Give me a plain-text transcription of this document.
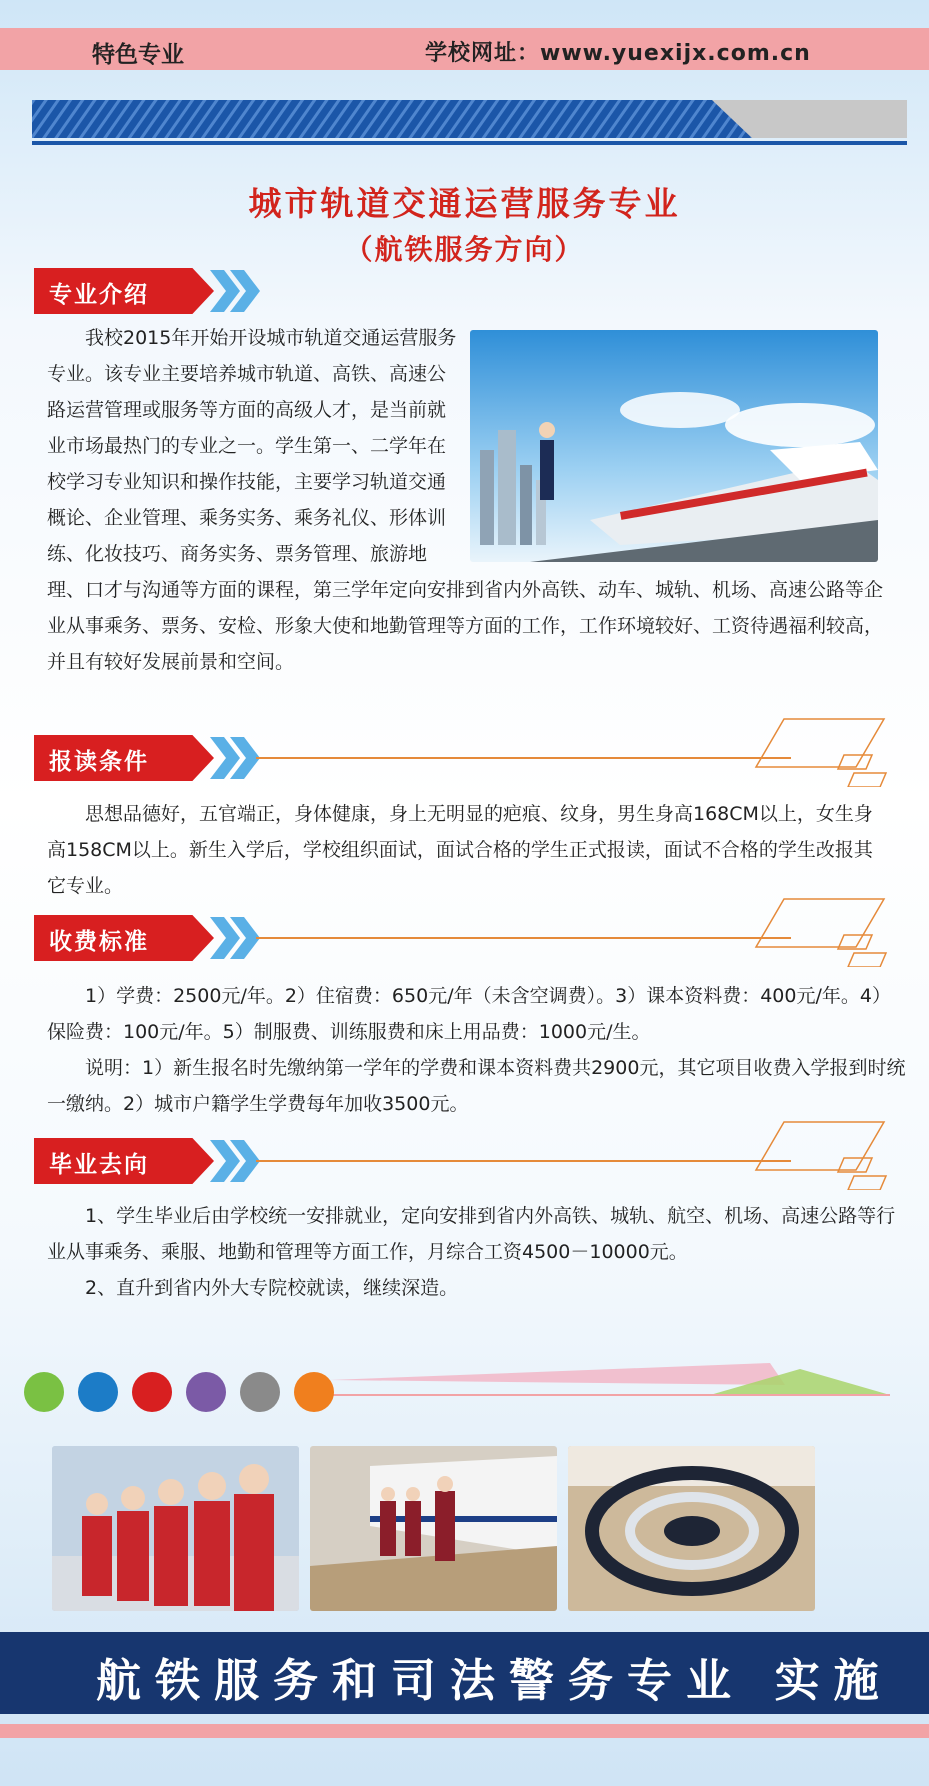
特色专业	学校网址：www.yuexijx.com.cn
城市轨道交通运营服务专业
（航铁服务方向）
专业介绍
我校2015年开始开设城市轨道交通运营服务专业。该专业主要培养城市轨道、高铁、高速公路运营管理或服务等方面的高级人才，是当前就业市场最热门的专业之一。学生第一、二学年在校学习专业知识和操作技能，主要学习轨道交通概论、企业管理、乘务实务、乘务礼仪、形体训练、化妆技巧、商务实务、票务管理、旅游地理、口才与沟通等方面的课程，第三学年定向安排到省内外高铁、动车、城轨、机场、高速公路等企业从事乘务、票务、安检、形象大使和地勤管理等方面的工作，工作环境较好、工资待遇福利较高，并且有较好发展前景和空间。
报读条件
思想品德好，五官端正，身体健康，身上无明显的疤痕、纹身，男生身高168CM以上，女生身高158CM以上。新生入学后，学校组织面试，面试合格的学生正式报读，面试不合格的学生改报其它专业。
收费标准
1）学费：2500元/年。2）住宿费：650元/年（未含空调费）。3）课本资料费：400元/年。4）保险费：100元/年。5）制服费、训练服费和床上用品费：1000元/生。
说明：1）新生报名时先缴纳第一学年的学费和课本资料费共2900元，其它项目收费入学报到时统一缴纳。2）城市户籍学生学费每年加收3500元。
毕业去向
1、学生毕业后由学校统一安排就业，定向安排到省内外高铁、城轨、航空、机场、高速公路等行业从事乘务、乘服、地勤和管理等方面工作，月综合工资4500－10000元。
2、直升到省内外大专院校就读，继续深造。
航铁服务和司法警务专业 实施
